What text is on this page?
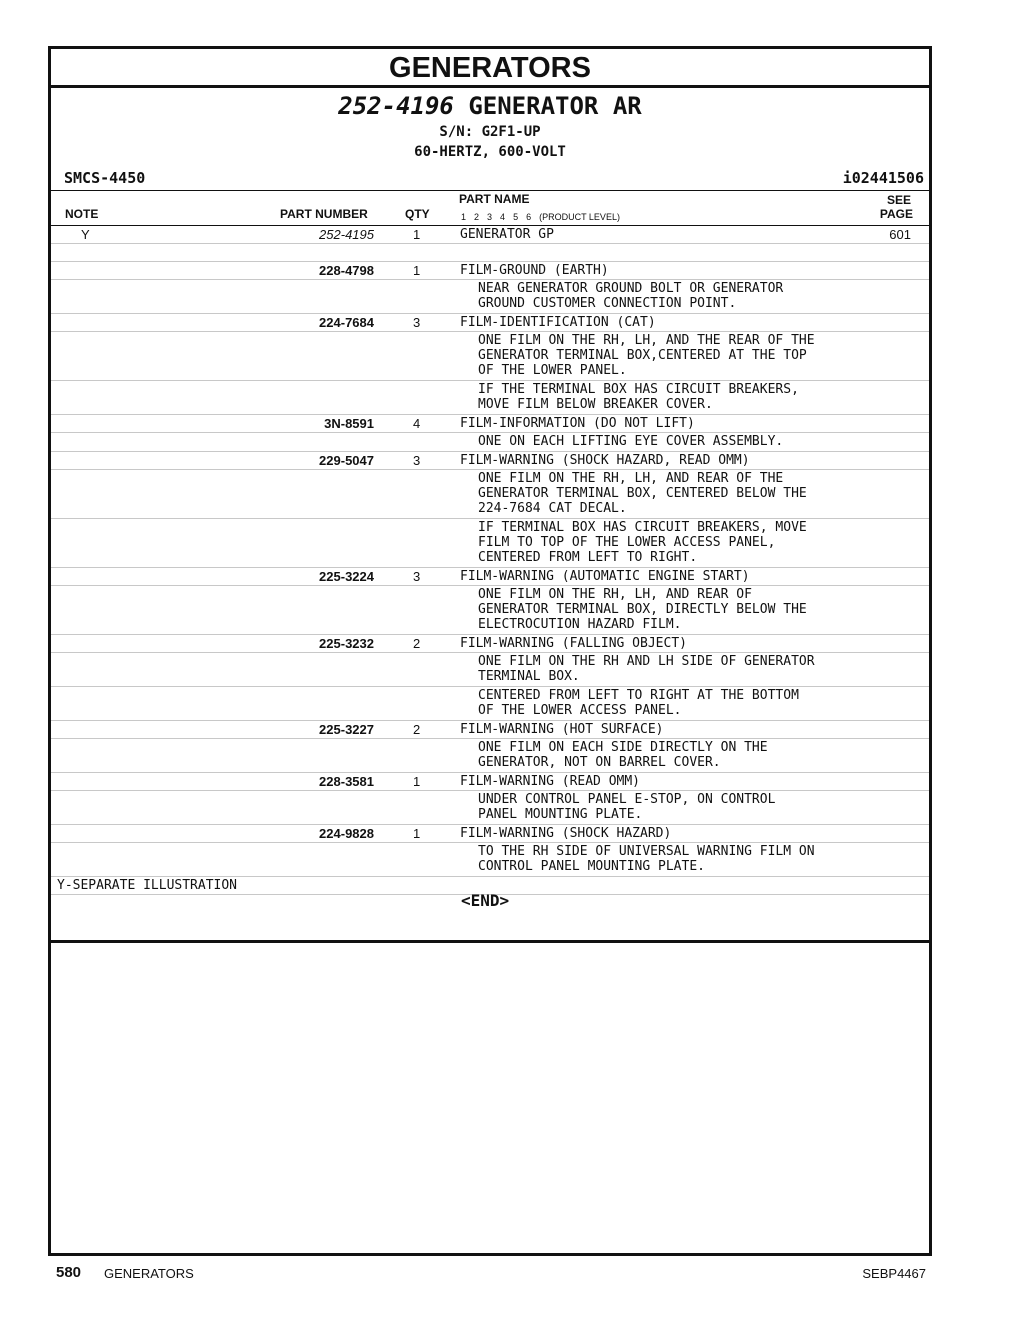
GENERATORS
252-4196 GENERATOR AR
S/N: G2F1-UP
60-HERTZ, 600-VOLT
SMCS-4450	i02441506
NOTE	PART NUMBER	QTY
PART NAME
1 2 3 4 5 6 (PRODUCT LEVEL)
SEE
PAGE
Y	252-4195	1	GENERATOR GP	601
228-4798	1	FILM-GROUND (EARTH)
NEAR GENERATOR GROUND BOLT OR GENERATOR
GROUND CUSTOMER CONNECTION POINT.
224-7684	3	FILM-IDENTIFICATION (CAT)
ONE FILM ON THE RH, LH, AND THE REAR OF THE
GENERATOR TERMINAL BOX,CENTERED AT THE TOP
OF THE LOWER PANEL.
IF THE TERMINAL BOX HAS CIRCUIT BREAKERS,
MOVE FILM BELOW BREAKER COVER.
3N-8591	4	FILM-INFORMATION (DO NOT LIFT)
ONE ON EACH LIFTING EYE COVER ASSEMBLY.
229-5047	3	FILM-WARNING (SHOCK HAZARD, READ OMM)
ONE FILM ON THE RH, LH, AND REAR OF THE
GENERATOR TERMINAL BOX, CENTERED BELOW THE
224-7684 CAT DECAL.
IF TERMINAL BOX HAS CIRCUIT BREAKERS, MOVE
FILM TO TOP OF THE LOWER ACCESS PANEL,
CENTERED FROM LEFT TO RIGHT.
225-3224	3	FILM-WARNING (AUTOMATIC ENGINE START)
ONE FILM ON THE RH, LH, AND REAR OF
GENERATOR TERMINAL BOX, DIRECTLY BELOW THE
ELECTROCUTION HAZARD FILM.
225-3232	2	FILM-WARNING (FALLING OBJECT)
ONE FILM ON THE RH AND LH SIDE OF GENERATOR
TERMINAL BOX.
CENTERED FROM LEFT TO RIGHT AT THE BOTTOM
OF THE LOWER ACCESS PANEL.
225-3227	2	FILM-WARNING (HOT SURFACE)
ONE FILM ON EACH SIDE DIRECTLY ON THE
GENERATOR, NOT ON BARREL COVER.
228-3581	1	FILM-WARNING (READ OMM)
UNDER CONTROL PANEL E-STOP, ON CONTROL
PANEL MOUNTING PLATE.
224-9828	1	FILM-WARNING (SHOCK HAZARD)
TO THE RH SIDE OF UNIVERSAL WARNING FILM ON
CONTROL PANEL MOUNTING PLATE.
Y-SEPARATE ILLUSTRATION
<END>
580 GENERATORS	SEBP4467
